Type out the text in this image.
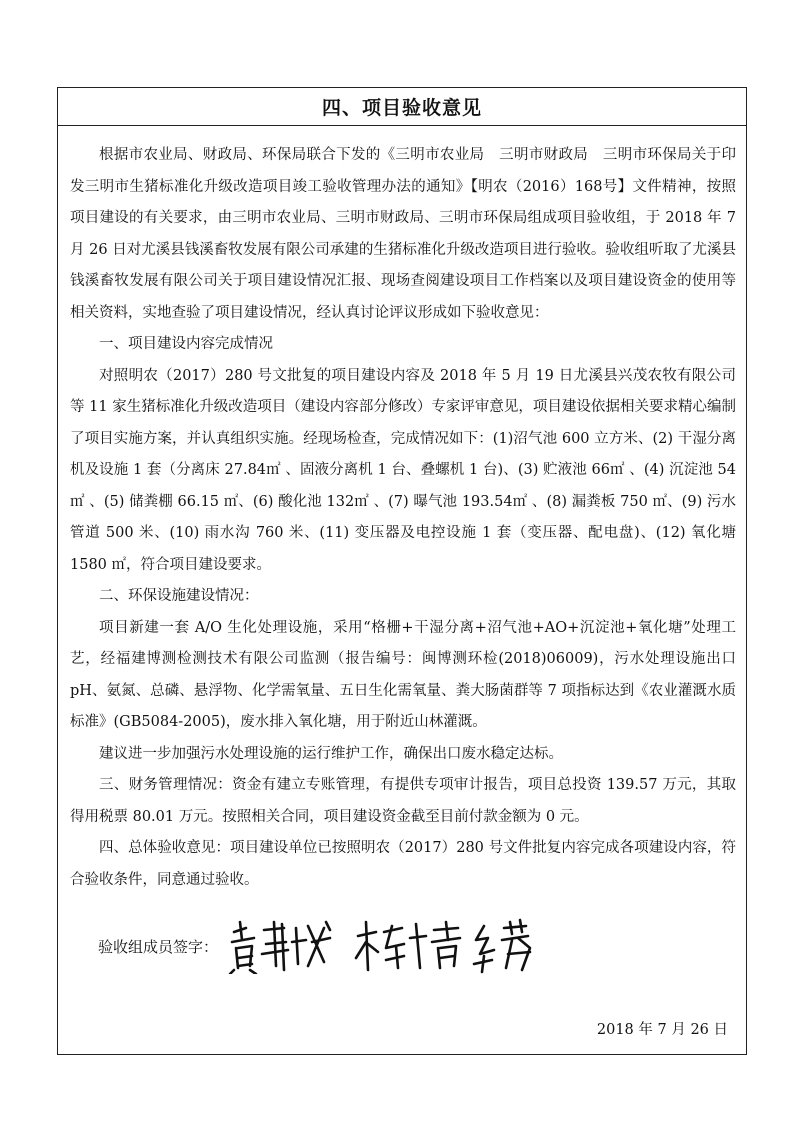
四、项目验收意见

根据市农业局、财政局、环保局联合下发的《三明市农业局　三明市财政局　三明市环保局关于印发三明市生猪标准化升级改造项目竣工验收管理办法的通知》【明农（2016）168号】文件精神，按照项目建设的有关要求，由三明市农业局、三明市财政局、三明市环保局组成项目验收组，于 2018 年 7 月 26 日对尤溪县钱溪畜牧发展有限公司承建的生猪标准化升级改造项目进行验收。验收组听取了尤溪县钱溪畜牧发展有限公司关于项目建设情况汇报、现场查阅建设项目工作档案以及项目建设资金的使用等相关资料，实地查验了项目建设情况，经认真讨论评议形成如下验收意见：

一、项目建设内容完成情况

对照明农（2017）280 号文批复的项目建设内容及 2018 年 5 月 19 日尤溪县兴茂农牧有限公司等 11 家生猪标准化升级改造项目（建设内容部分修改）专家评审意见，项目建设依据相关要求精心编制了项目实施方案，并认真组织实施。经现场检查，完成情况如下：(1)沼气池 600 立方米、(2) 干湿分离机及设施 1 套（分离床 27.84㎡ 、固液分离机 1 台、叠螺机 1 台)、(3) 贮液池 66㎡ 、(4) 沉淀池 54 ㎡ 、(5) 储粪棚 66.15 ㎡、(6) 酸化池 132㎡ 、(7) 曝气池 193.54㎡ 、(8) 漏粪板 750 ㎡、(9) 污水管道 500 米、(10) 雨水沟 760 米、(11) 变压器及电控设施 1 套（变压器、配电盘)、(12) 氧化塘 1580 ㎡，符合项目建设要求。

二、环保设施建设情况：

项目新建一套 A/O 生化处理设施，采用“格栅+干湿分离+沼气池+AO+沉淀池+氧化塘”处理工艺，经福建博测检测技术有限公司监测（报告编号：闽博测环检(2018)06009)，污水处理设施出口 pH、氨氮、总磷、悬浮物、化学需氧量、五日生化需氧量、粪大肠菌群等 7 项指标达到《农业灌溉水质标准》(GB5084-2005)，废水排入氧化塘，用于附近山林灌溉。

建议进一步加强污水处理设施的运行维护工作，确保出口废水稳定达标。

三、财务管理情况：资金有建立专账管理，有提供专项审计报告，项目总投资 139.57 万元，其取得用税票 80.01 万元。按照相关合同，项目建设资金截至目前付款金额为 0 元。

四、总体验收意见：项目建设单位已按照明农（2017）280 号文件批复内容完成各项建设内容，符合验收条件，同意通过验收。

验收组成员签字：
2018 年 7 月 26 日
